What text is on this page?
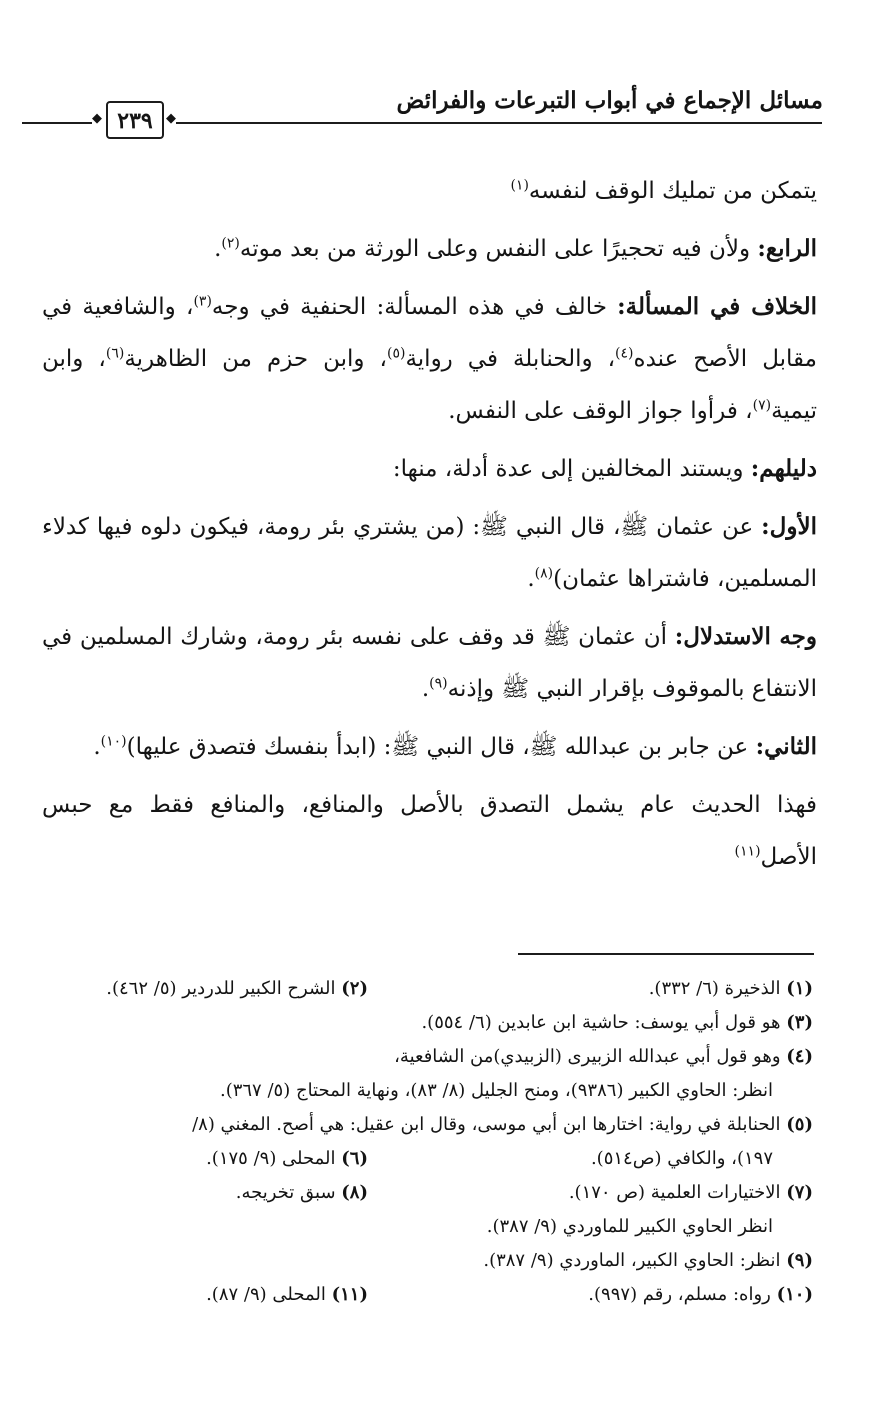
مسائل الإجماع في أبواب التبرعات والفرائض
◆ ٢٣٩	◆

يتمكن من تمليك الوقف لنفسه$^{(١)}$

الرابع: ولأن فيه تحجيرًا على النفس وعلى الورثة من بعد موته$^{(٢)}$.

الخلاف في المسألة: خالف في هذه المسألة: الحنفية في وجه$^{(٣)}$، والشافعية في مقابل الأصح عنده$^{(٤)}$، والحنابلة في رواية$^{(٥)}$، وابن حزم من الظاهرية$^{(٦)}$، وابن تيمية$^{(٧)}$، فرأوا جواز الوقف على النفس.

دليلهم: ويستند المخالفين إلى عدة أدلة، منها:

الأول: عن عثمان ﷺ، قال النبي ﷺ: (من يشتري بئر رومة، فيكون دلوه فيها كدلاء المسلمين، فاشتراها عثمان)$^{(٨)}$.

وجه الاستدلال: أن عثمان ﷺ قد وقف على نفسه بئر رومة، وشارك المسلمين في الانتفاع بالموقوف بإقرار النبي ﷺ وإذنه$^{(٩)}$.

الثاني: عن جابر بن عبدالله ﷺ، قال النبي ﷺ: (ابدأ بنفسك فتصدق عليها)$^{(١٠)}$.

فهذا الحديث عام يشمل التصدق بالأصل والمنافع، والمنافع فقط مع حبس الأصل$^{(١١)}$

(١) الذخيرة (٦/ ٣٣٢).
(٢) الشرح الكبير للدردير (٥/ ٤٦٢).
(٣) هو قول أبي يوسف: حاشية ابن عابدين (٦/ ٥٥٤).
(٤) وهو قول أبي عبدالله الزبيرى (الزبيدي)من الشافعية،
انظر: الحاوي الكبير (٩٣٨٦)، ومنح الجليل (٨/ ٨٣)، ونهاية المحتاج (٥/ ٣٦٧).
(٥) الحنابلة في رواية: اختارها ابن أبي موسى، وقال ابن عقيل: هي أصح. المغني (٨/
١٩٧)، والكافي (ص٥١٤).
(٦) المحلى (٩/ ١٧٥).
(٧) الاختيارات العلمية (ص ١٧٠).
(٨) سبق تخريجه.
انظر الحاوي الكبير للماوردي (٩/ ٣٨٧).
(٩) انظر: الحاوي الكبير، الماوردي (٩/ ٣٨٧).
(١٠) رواه: مسلم، رقم (٩٩٧).
(١١) المحلى (٩/ ٨٧).
